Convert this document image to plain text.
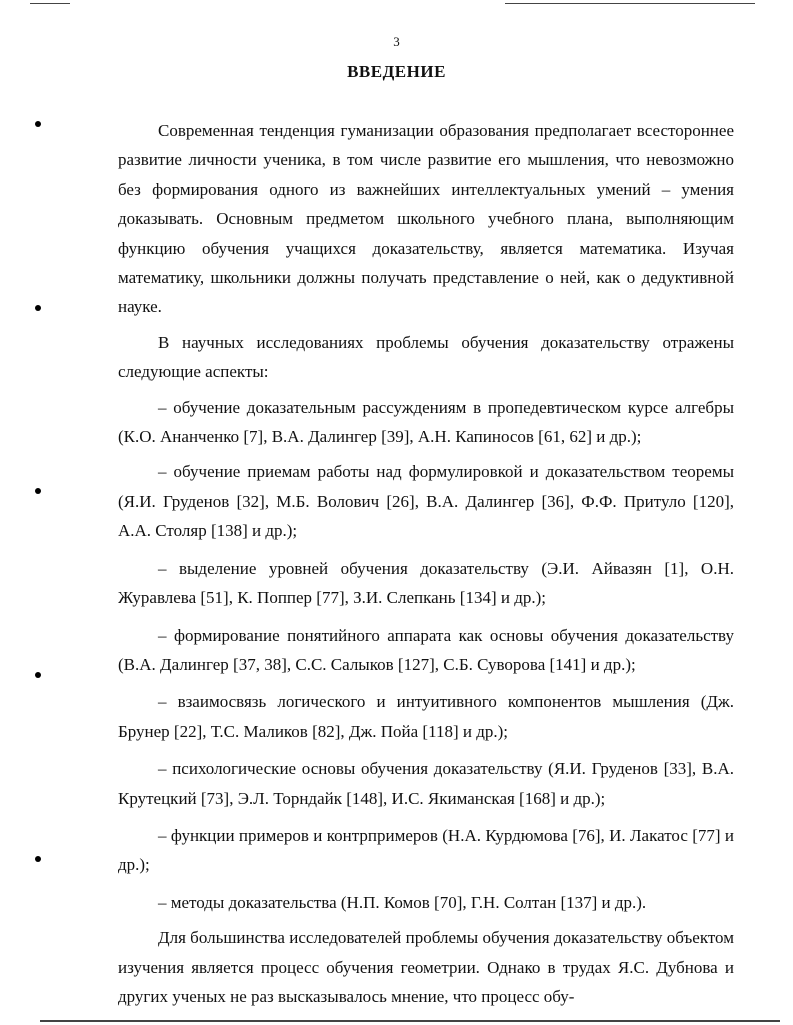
3
ВВЕДЕНИЕ

Современная тенденция гуманизации образования предполагает всестороннее развитие личности ученика, в том числе развитие его мышления, что невозможно без формирования одного из важнейших интеллектуальных умений – умения доказывать. Основным предметом школьного учебного плана, выполняющим функцию обучения учащихся доказательству, является математика. Изучая математику, школьники должны получать представление о ней, как о дедуктивной науке.

В научных исследованиях проблемы обучения доказательству отражены следующие аспекты:

– обучение доказательным рассуждениям в пропедевтическом курсе алгебры (К.О. Ананченко [7], В.А. Далингер [39], А.Н. Капиносов [61, 62] и др.);

– обучение приемам работы над формулировкой и доказательством теоремы (Я.И. Груденов [32], М.Б. Волович [26], В.А. Далингер [36], Ф.Ф. Притуло [120], А.А. Столяр [138] и др.);

– выделение уровней обучения доказательству (Э.И. Айвазян [1], О.Н. Журавлева [51], К. Поппер [77], З.И. Слепкань [134] и др.);

– формирование понятийного аппарата как основы обучения доказательству (В.А. Далингер [37, 38], С.С. Салыков [127], С.Б. Суворова [141] и др.);

– взаимосвязь логического и интуитивного компонентов мышления (Дж. Брунер [22], Т.С. Маликов [82], Дж. Пойа [118] и др.);

– психологические основы обучения доказательству (Я.И. Груденов [33], В.А. Крутецкий [73], Э.Л. Торндайк [148], И.С. Якиманская [168] и др.);

– функции примеров и контрпримеров (Н.А. Курдюмова [76], И. Лакатос [77] и др.);

– методы доказательства (Н.П. Комов [70], Г.Н. Солтан [137] и др.).

Для большинства исследователей проблемы обучения доказательству объектом изучения является процесс обучения геометрии. Однако в трудах Я.С. Дубнова и других ученых не раз высказывалось мнение, что процесс обу-
